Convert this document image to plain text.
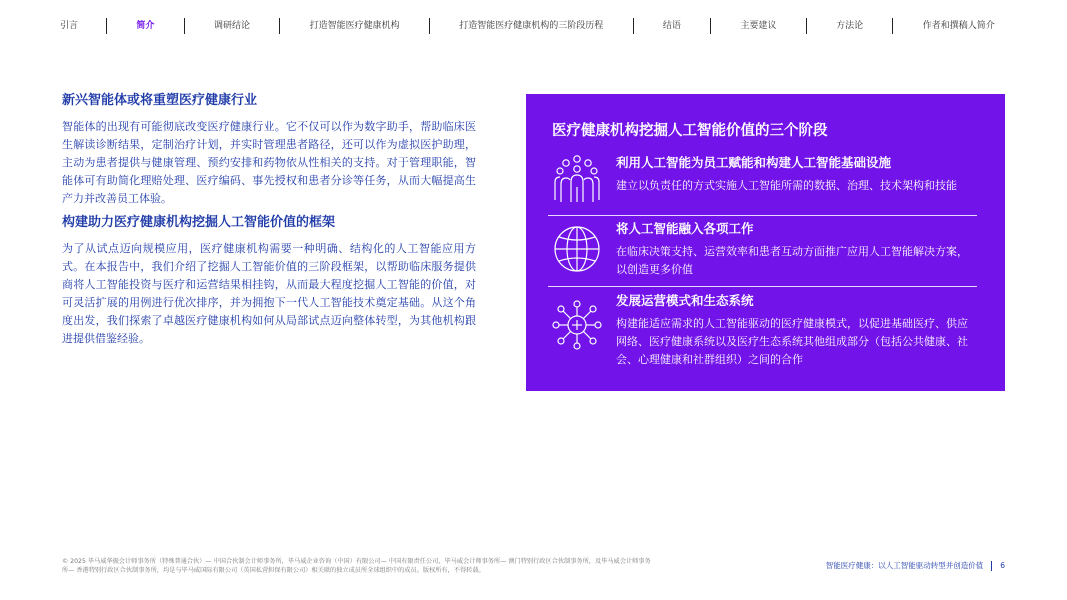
引言	简介	调研结论	打造智能医疗健康机构	打造智能医疗健康机构的三阶段历程	结语	主要建议	方法论	作者和撰稿人简介
新兴智能体或将重塑医疗健康行业

智能体的出现有可能彻底改变医疗健康行业。它不仅可以作为数字助手，帮助临床医生解读诊断结果，定制治疗计划，并实时管理患者路径，还可以作为虚拟医护助理，主动为患者提供与健康管理、预约安排和药物依从性相关的支持。对于管理职能，智能体可有助简化理赔处理、医疗编码、事先授权和患者分诊等任务，从而大幅提高生产力并改善员工体验。

构建助力医疗健康机构挖掘人工智能价值的框架

为了从试点迈向规模应用，医疗健康机构需要一种明确、结构化的人工智能应用方式。在本报告中，我们介绍了挖掘人工智能价值的三阶段框架，以帮助临床服务提供商将人工智能投资与医疗和运营结果相挂钩，从而最大程度挖掘人工智能的价值，对可灵活扩展的用例进行优次排序，并为拥抱下一代人工智能技术奠定基础。从这个角度出发，我们探索了卓越医疗健康机构如何从局部试点迈向整体转型，为其他机构跟进提供借鉴经验。

医疗健康机构挖掘人工智能价值的三个阶段
利用人工智能为员工赋能和构建人工智能基础设施
建立以负责任的方式实施人工智能所需的数据、治理、技术架构和技能
将人工智能融入各项工作
在临床决策支持、运营效率和患者互动方面推广应用人工智能解决方案，以创造更多价值
发展运营模式和生态系统
构建能适应需求的人工智能驱动的医疗健康模式，以促进基础医疗、供应网络、医疗健康系统以及医疗生态系统其他组成部分（包括公共健康、社会、心理健康和社群组织）之间的合作
© 2025 毕马威华振会计师事务所（特殊普通合伙）— 中国合伙制会计师事务所，毕马威企业咨询（中国）有限公司— 中国有限责任公司，毕马威会计师事务所— 澳门特别行政区合伙制事务所，及毕马威会计师事务所— 香港特别行政区合伙制事务所，均是与毕马威国际有限公司（英国私营担保有限公司）相关联的独立成员所全球组织中的成员。版权所有，不得转载。
智能医疗健康：以人工智能驱动转型并创造价值 6
